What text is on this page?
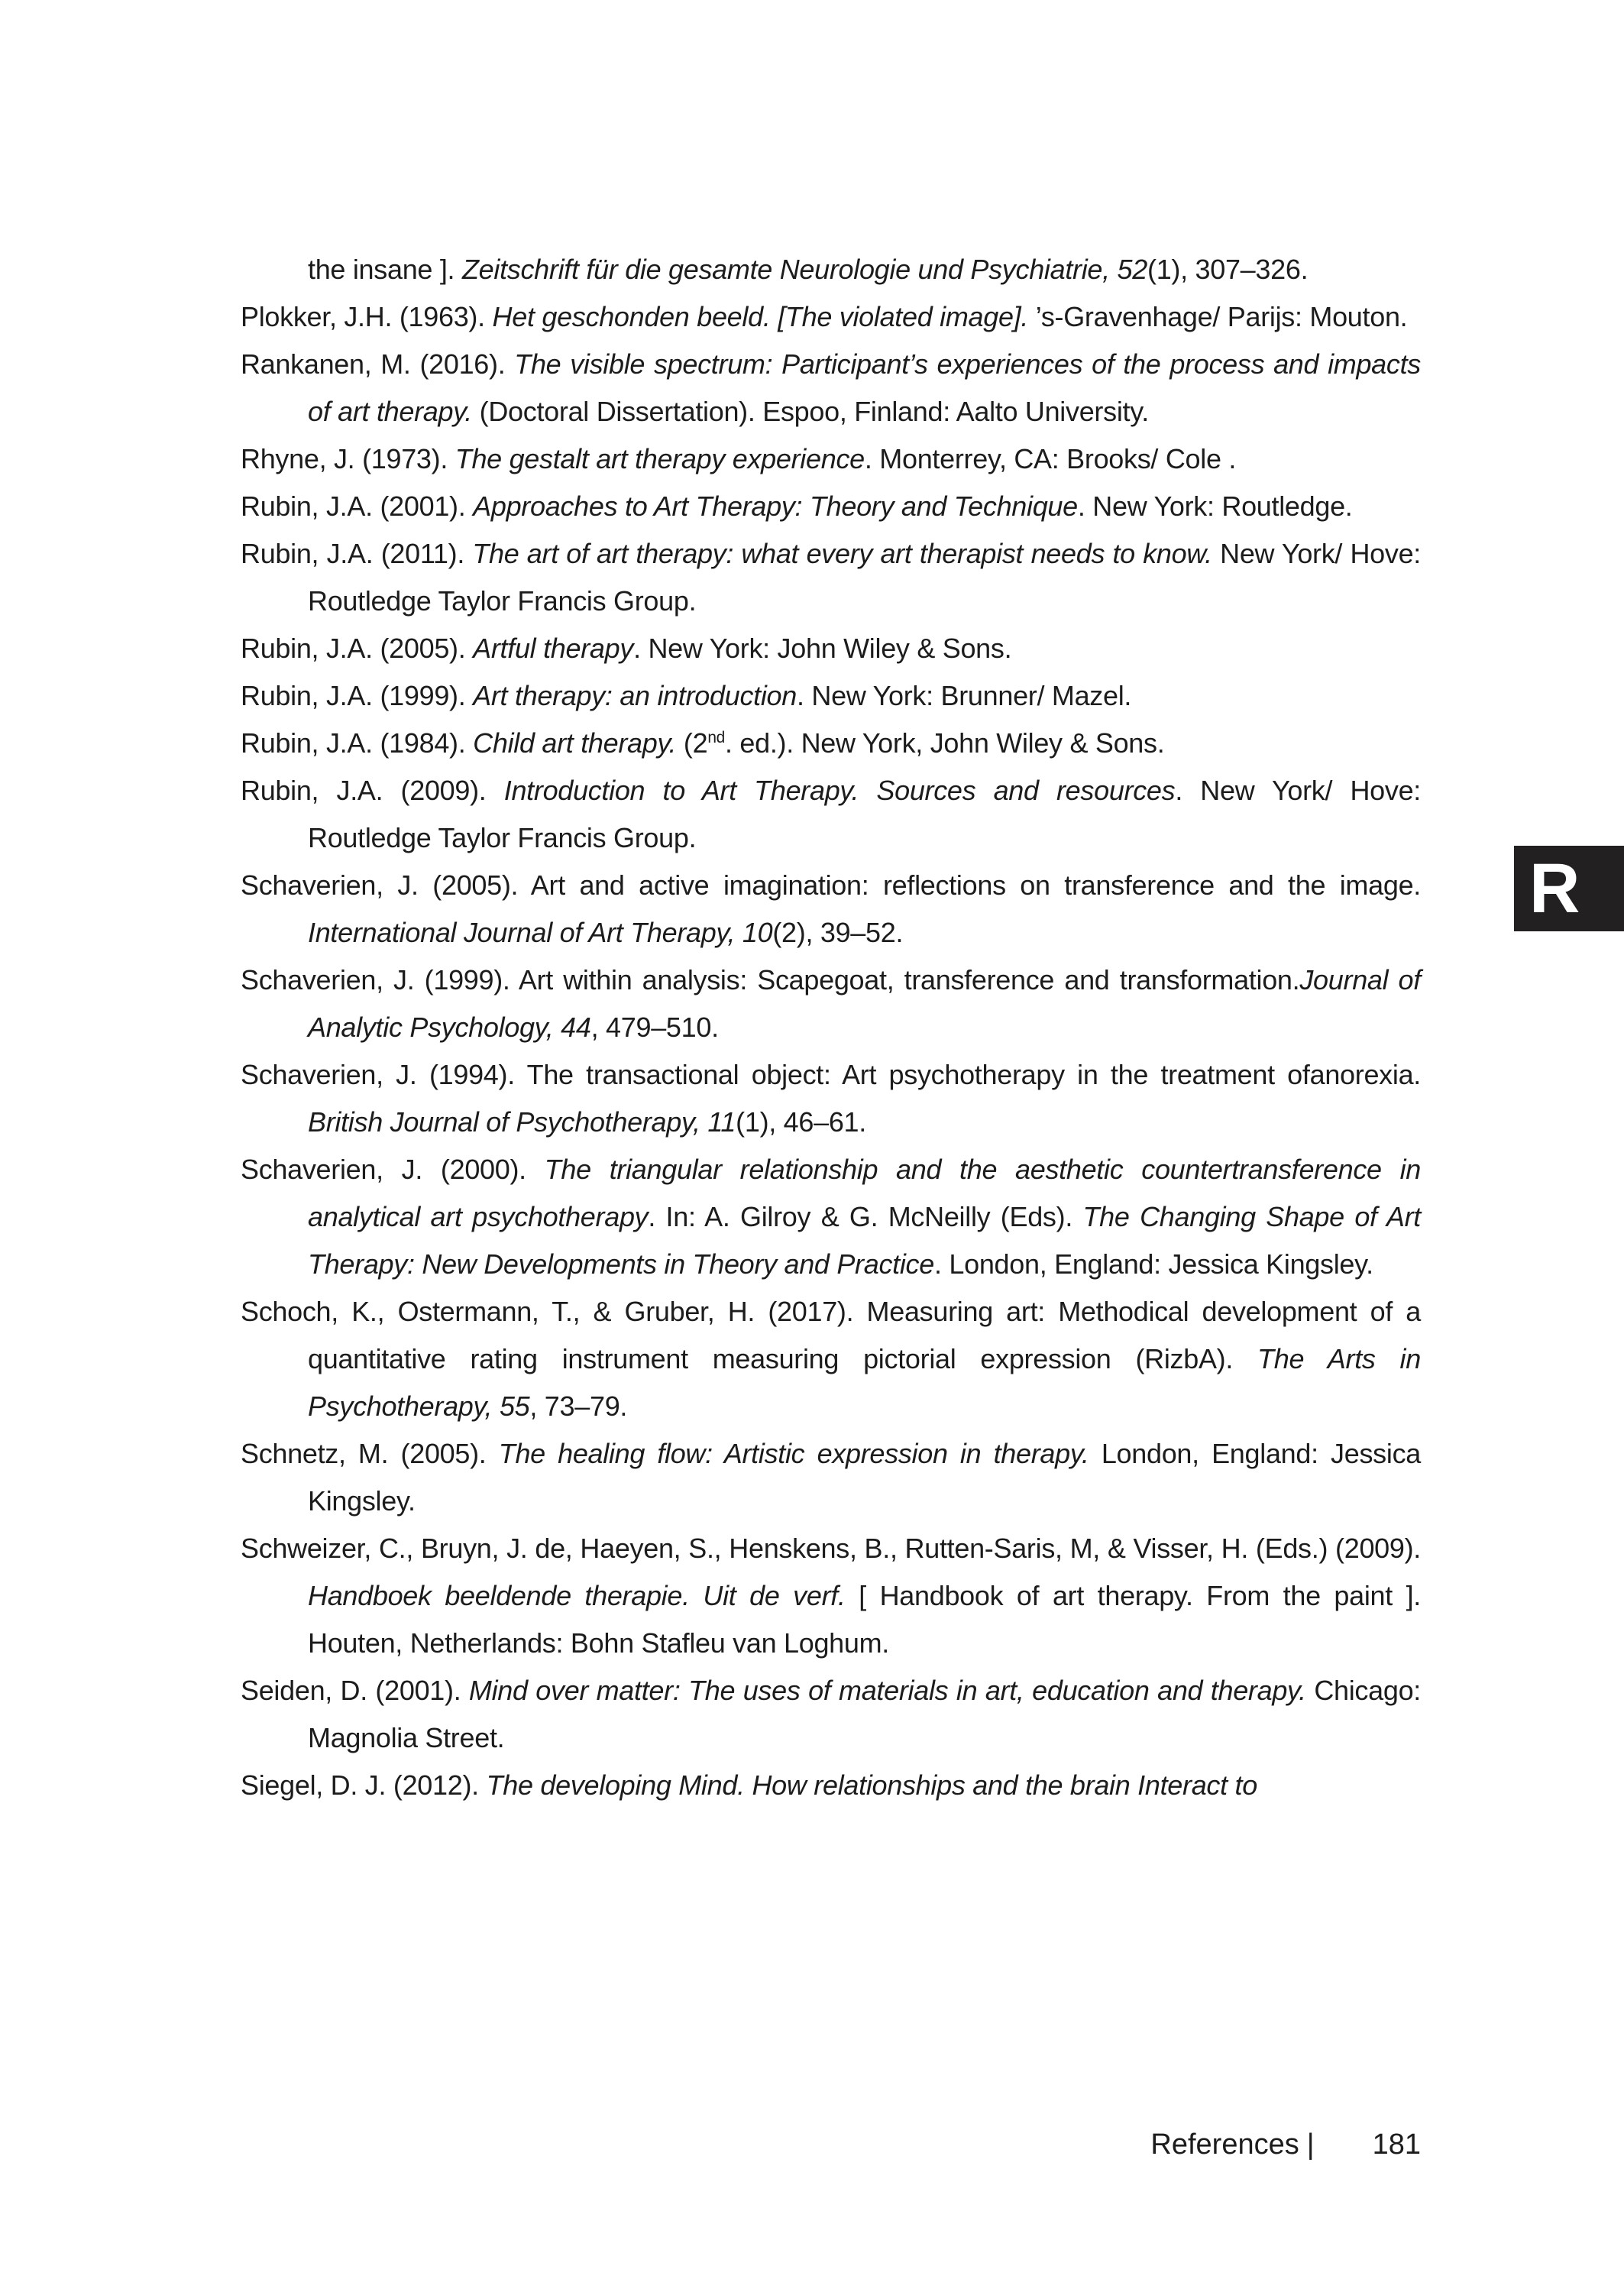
the insane ]. Zeitschrift für die gesamte Neurologie und Psychiatrie, 52(1), 307–326.

Plokker, J.H. (1963). Het geschonden beeld. [The violated image]. ’s-Gravenhage/ Parijs: Mouton.

Rankanen, M. (2016). The visible spectrum: Participant’s experiences of the process and impacts of art therapy. (Doctoral Dissertation). Espoo, Finland: Aalto University.

Rhyne, J. (1973). The gestalt art therapy experience. Monterrey, CA: Brooks/ Cole .

Rubin, J.A. (2001). Approaches to Art Therapy: Theory and Technique. New York: Routledge.

Rubin, J.A. (2011). The art of art therapy: what every art therapist needs to know. New York/ Hove: Routledge Taylor Francis Group.

Rubin, J.A. (2005). Artful therapy. New York: John Wiley & Sons.

Rubin, J.A. (1999). Art therapy: an introduction. New York: Brunner/ Mazel.

Rubin, J.A. (1984). Child art therapy. (2nd. ed.). New York, John Wiley & Sons.

Rubin, J.A. (2009). Introduction to Art Therapy. Sources and resources. New York/ Hove: Routledge Taylor Francis Group.

Schaverien, J. (2005). Art and active imagination: reflections on transference and the image. International Journal of Art Therapy, 10(2), 39–52.

Schaverien, J. (1999). Art within analysis: Scapegoat, transference and transformation.Journal of Analytic Psychology, 44, 479–510.

Schaverien, J. (1994). The transactional object: Art psychotherapy in the treatment ofanorexia. British Journal of Psychotherapy, 11(1), 46–61.

Schaverien, J. (2000). The triangular relationship and the aesthetic countertransference in analytical art psychotherapy. In: A. Gilroy & G. McNeilly (Eds). The Changing Shape of Art Therapy: New Developments in Theory and Practice. London, England: Jessica Kingsley.

Schoch, K., Ostermann, T., & Gruber, H. (2017). Measuring art: Methodical development of a quantitative rating instrument measuring pictorial expression (RizbA). The Arts in Psychotherapy, 55, 73–79.

Schnetz, M. (2005). The healing flow: Artistic expression in therapy. London, England: Jessica Kingsley.

Schweizer, C., Bruyn, J. de, Haeyen, S., Henskens, B., Rutten-Saris, M, & Visser, H. (Eds.) (2009). Handboek beeldende therapie. Uit de verf. [ Handbook of art therapy. From the paint ]. Houten, Netherlands: Bohn Stafleu van Loghum.

Seiden, D. (2001). Mind over matter: The uses of materials in art, education and therapy. Chicago: Magnolia Street.

Siegel, D. J. (2012). The developing Mind. How relationships and the brain Interact to

R
References | 181
